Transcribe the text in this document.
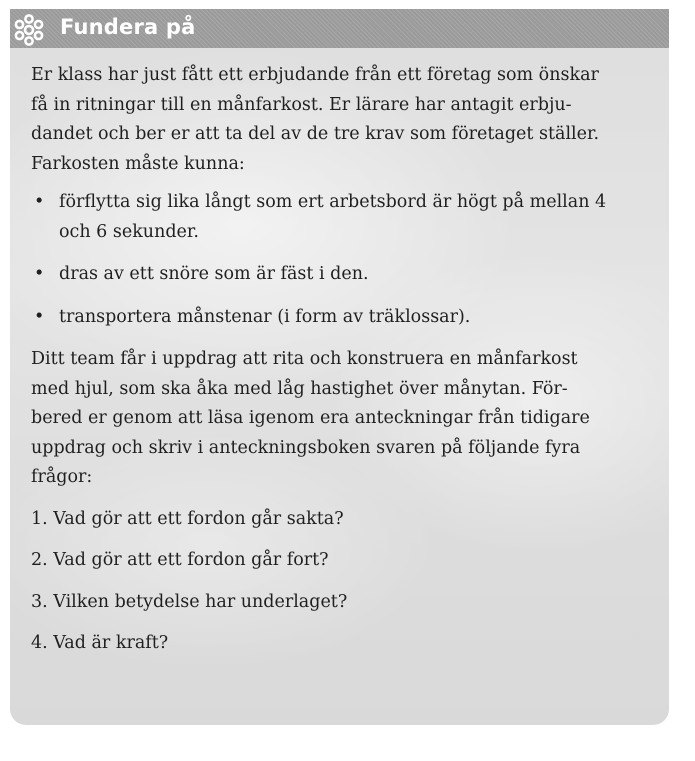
Fundera på

Er klass har just fått ett erbjudande från ett företag som önskar
få in ritningar till en månfarkost. Er lärare har antagit erbju-
dandet och ber er att ta del av de tre krav som företaget ställer.
Farkosten måste kunna:

• förflytta sig lika långt som ert arbetsbord är högt på mellan 4
och 6 sekunder.
• dras av ett snöre som är fäst i den.
• transportera månstenar (i form av träklossar).

Ditt team får i uppdrag att rita och konstruera en månfarkost
med hjul, som ska åka med låg hastighet över månytan. För-
bered er genom att läsa igenom era anteckningar från tidigare
uppdrag och skriv i anteckningsboken svaren på följande fyra
frågor:

1. Vad gör att ett fordon går sakta?
2. Vad gör att ett fordon går fort?
3. Vilken betydelse har underlaget?
4. Vad är kraft?
